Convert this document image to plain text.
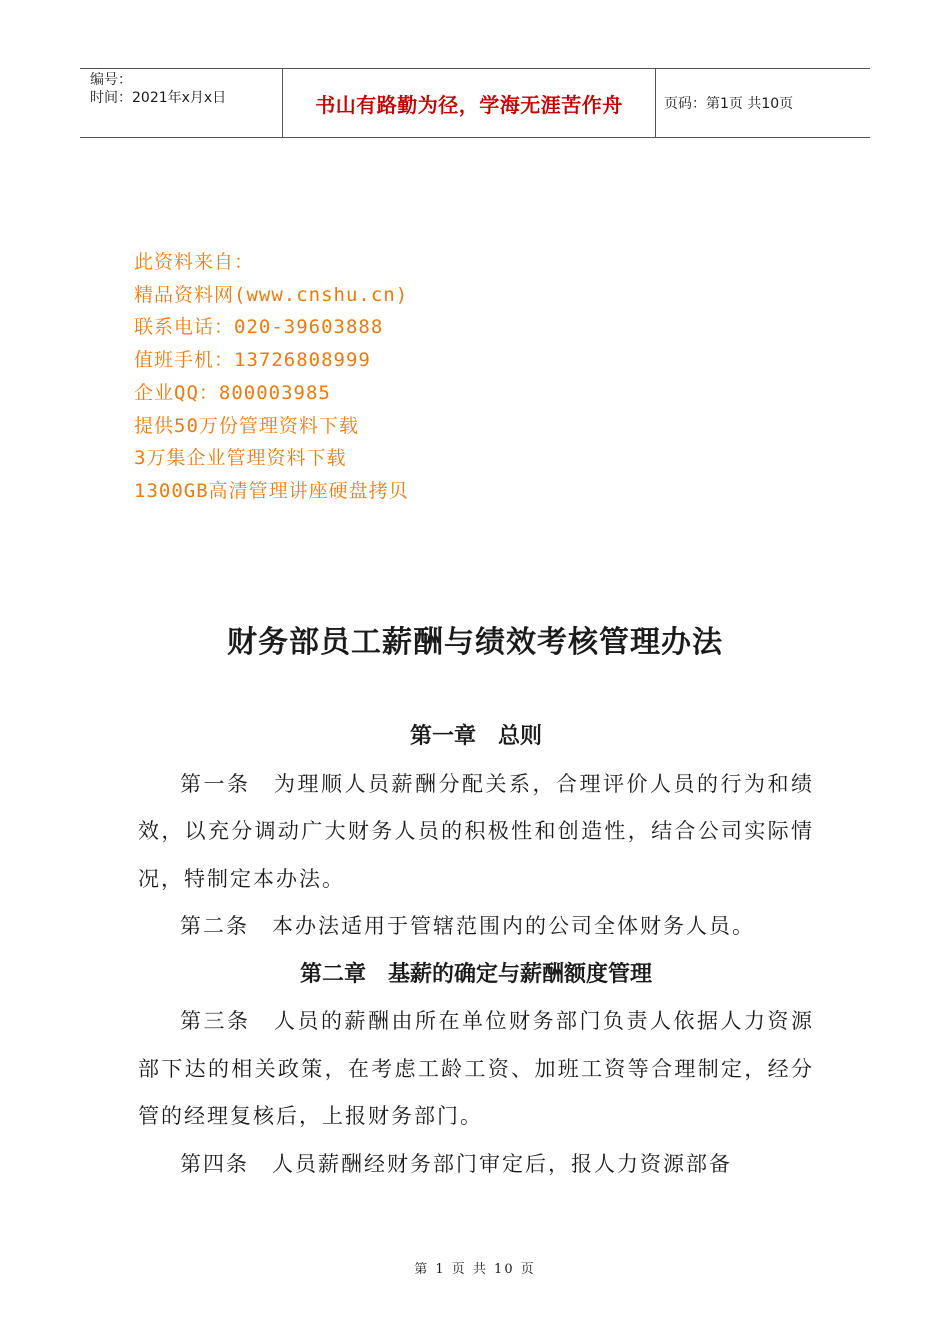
编号：
时间：2021年x月x日	书山有路勤为径，学海无涯苦作舟	页码：第1页 共10页
此资料来自：
精品资料网(www.cnshu.cn)
联系电话：020-39603888
值班手机：13726808999
企业QQ：800003985
提供50万份管理资料下载
3万集企业管理资料下载
1300GB高清管理讲座硬盘拷贝
财务部员工薪酬与绩效考核管理办法
第一章　总则
第一条　为理顺人员薪酬分配关系，合理评价人员的行为和绩效，以充分调动广大财务人员的积极性和创造性，结合公司实际情况，特制定本办法。
第二条　本办法适用于管辖范围内的公司全体财务人员。
第二章　基薪的确定与薪酬额度管理
第三条　人员的薪酬由所在单位财务部门负责人依据人力资源部下达的相关政策，在考虑工龄工资、加班工资等合理制定，经分管的经理复核后，上报财务部门。
第四条　人员薪酬经财务部门审定后，报人力资源部备
第 1 页 共 10 页
